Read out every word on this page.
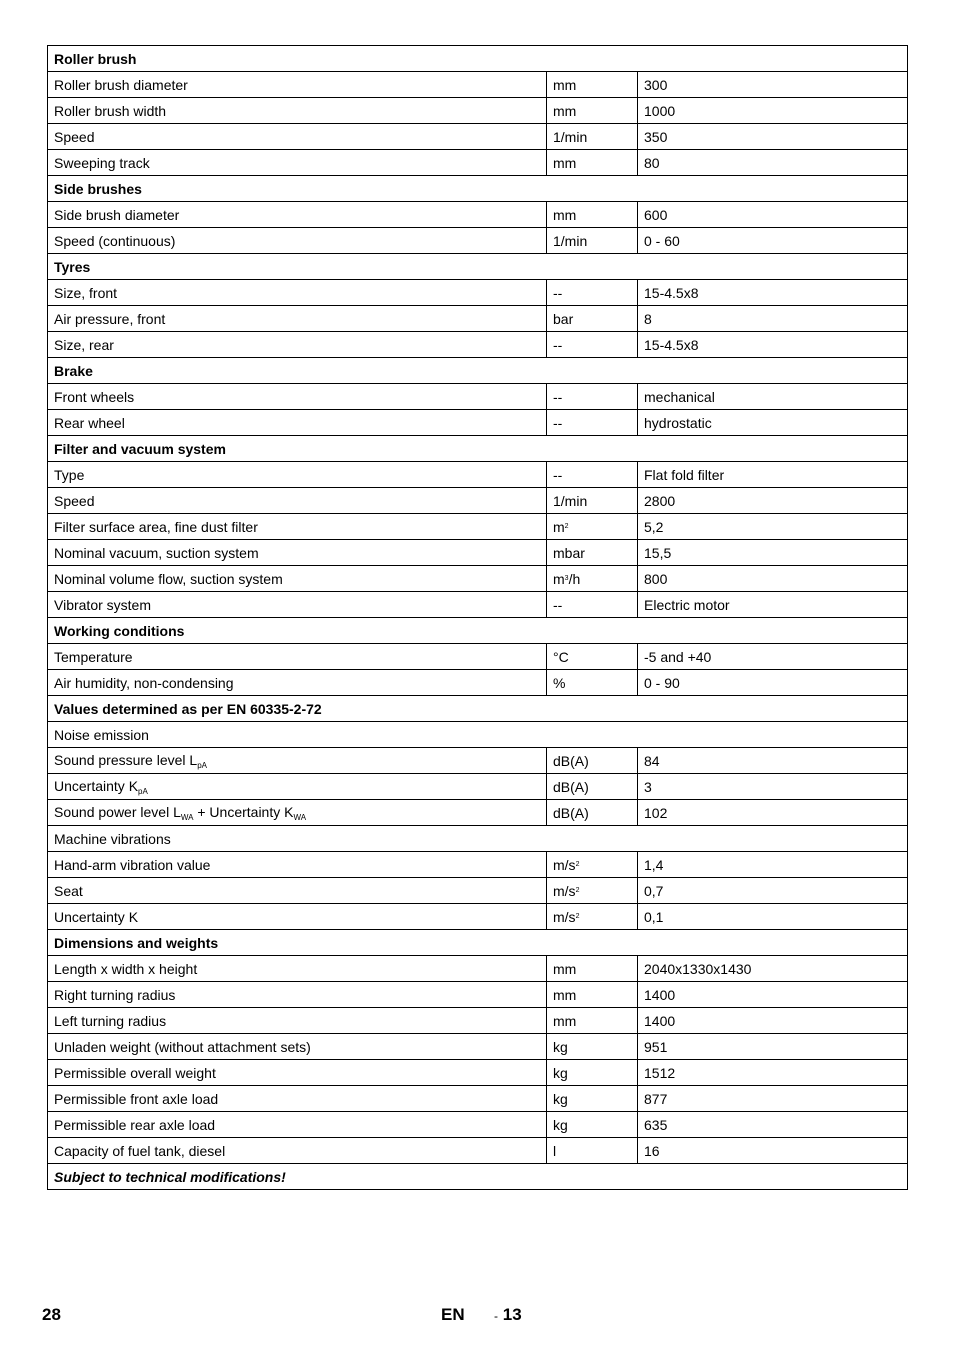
Roller brush		
Roller brush diameter	mm	300
Roller brush width	mm	1000
Speed	1/min	350
Sweeping track	mm	80
Side brushes		
Side brush diameter	mm	600
Speed (continuous)	1/min	0 - 60
Tyres		
Size, front	--	15-4.5x8
Air pressure, front	bar	8
Size, rear	--	15-4.5x8
Brake		
Front wheels	--	mechanical
Rear wheel	--	hydrostatic
Filter and vacuum system		
Type	--	Flat fold filter
Speed	1/min	2800
Filter surface area, fine dust filter	$m^2$	5,2
Nominal vacuum, suction system	mbar	15,5
Nominal volume flow, suction system	$m^3/h$	800
Vibrator system	--	Electric motor
Working conditions		
Temperature	°C	-5 and +40
Air humidity, non-condensing	%	0 - 90
Values determined as per EN 60335-2-72		
Noise emission		
Sound pressure level $L_{pA}$	dB(A)	84
Uncertainty $K_{pA}$	dB(A)	3
Sound power level $L_{WA}$ + Uncertainty $K_{WA}$	dB(A)	102
Machine vibrations		
Hand-arm vibration value	$m/s^2$	1,4
Seat	$m/s^2$	0,7
Uncertainty K	$m/s^2$	0,1
Dimensions and weights		
Length x width x height	mm	2040x1330x1430
Right turning radius	mm	1400
Left turning radius	mm	1400
Unladen weight (without attachment sets)	kg	951
Permissible overall weight	kg	1512
Permissible front axle load	kg	877
Permissible rear axle load	kg	635
Capacity of fuel tank, diesel	l	16
Subject to technical modifications!		
28	EN - 13
